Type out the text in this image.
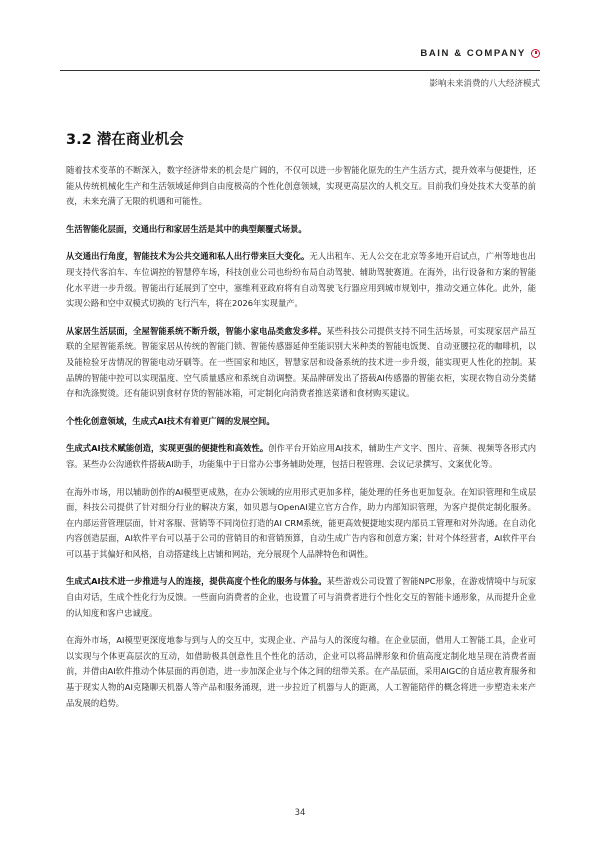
BAIN & COMPANY
影响未来消费的八大经济模式
3.2 潜在商业机会

随着技术变革的不断深入，数字经济带来的机会是广阔的，不仅可以进一步智能化原先的生产生活方式，提升效率与便捷性，还能从传统机械化生产和生活领域延伸到自由度极高的个性化创意领域，实现更高层次的人机交互。目前我们身处技术大变革的前夜，未来充满了无限的机遇和可能性。

生活智能化层面，交通出行和家居生活是其中的典型颠覆式场景。

从交通出行角度，智能技术为公共交通和私人出行带来巨大变化。无人出租车、无人公交在北京等多地开启试点，广州等地也出现支持代客泊车、车位调控的智慧停车场，科技创业公司也纷纷布局自动驾驶、辅助驾驶赛道。在海外，出行设备和方案的智能化水平进一步升级。智能出行延展到了空中，塞维利亚政府将有自动驾驶飞行器应用到城市规划中，推动交通立体化。此外，能实现公路和空中双模式切换的飞行汽车，将在2026年实现量产。

从家居生活层面，全屋智能系统不断升级，智能小家电品类愈发多样。某些科技公司提供支持不同生活场景，可实现家居产品互联的全屋智能系统。智能家居从传统的智能门锁、智能传感器延伸至能识别大米种类的智能电饭煲、自动亚腰拉花的咖啡机，以及能检验牙齿情况的智能电动牙刷等。在一些国家和地区，智慧家居和设备系统的技术进一步升级，能实现更人性化的控制。某品牌的智能中控可以实现温度、空气质量感应和系统自动调整。某品牌研发出了搭载AI传感器的智能衣柜，实现衣物自动分类储存和洗涤熨烫。还有能识别食材存货的智能冰箱，可定制化向消费者推送菜谱和食材购买建议。

个性化创意领域，生成式AI技术有着更广阔的发展空间。

生成式AI技术赋能创造，实现更强的便捷性和高效性。创作平台开始应用AI技术，辅助生产文字、图片、音频、视频等各形式内容。某些办公沟通软件搭载AI助手，功能集中于日常办公事务辅助处理，包括日程管理、会议记录撰写、文案优化等。

在海外市场，用以辅助创作的AI模型更成熟，在办公领域的应用形式更加多样，能处理的任务也更加复杂。在知识管理和生成层面，科技公司提供了针对细分行业的解决方案，如贝恩与OpenAI建立官方合作，助力内部知识管理，为客户提供定制化服务。在内部运营管理层面，针对客服、营销等不同岗位打造的AI CRM系统，能更高效便捷地实现内部员工管理和对外沟通。在自动化内容创造层面，AI软件平台可以基于公司的营销目的和营销预算，自动生成广告内容和创意方案；针对个体经营者，AI软件平台可以基于其偏好和风格，自动搭建线上店铺和网站，充分展现个人品牌特色和调性。

生成式AI技术进一步推进与人的连接，提供高度个性化的服务与体验。某些游戏公司设置了智能NPC形象，在游戏情境中与玩家自由对话，生成个性化行为反馈。一些面向消费者的企业，也设置了可与消费者进行个性化交互的智能卡通形象，从而提升企业的认知度和客户忠诚度。

在海外市场，AI模型更深度地参与到与人的交互中，实现企业、产品与人的深度勾稽。在企业层面，借用人工智能工具，企业可以实现与个体更高层次的互动，如借助极具创意性且个性化的活动，企业可以将品牌形象和价值高度定制化地呈现在消费者面前，并借由AI软件推动个体层面的再创造，进一步加深企业与个体之间的纽带关系。在产品层面，采用AIGC的自适应教育服务和基于现实人物的AI克隆聊天机器人等产品和服务涌现，进一步拉近了机器与人的距离，人工智能陪伴的概念将进一步塑造未来产品发展的趋势。

34
